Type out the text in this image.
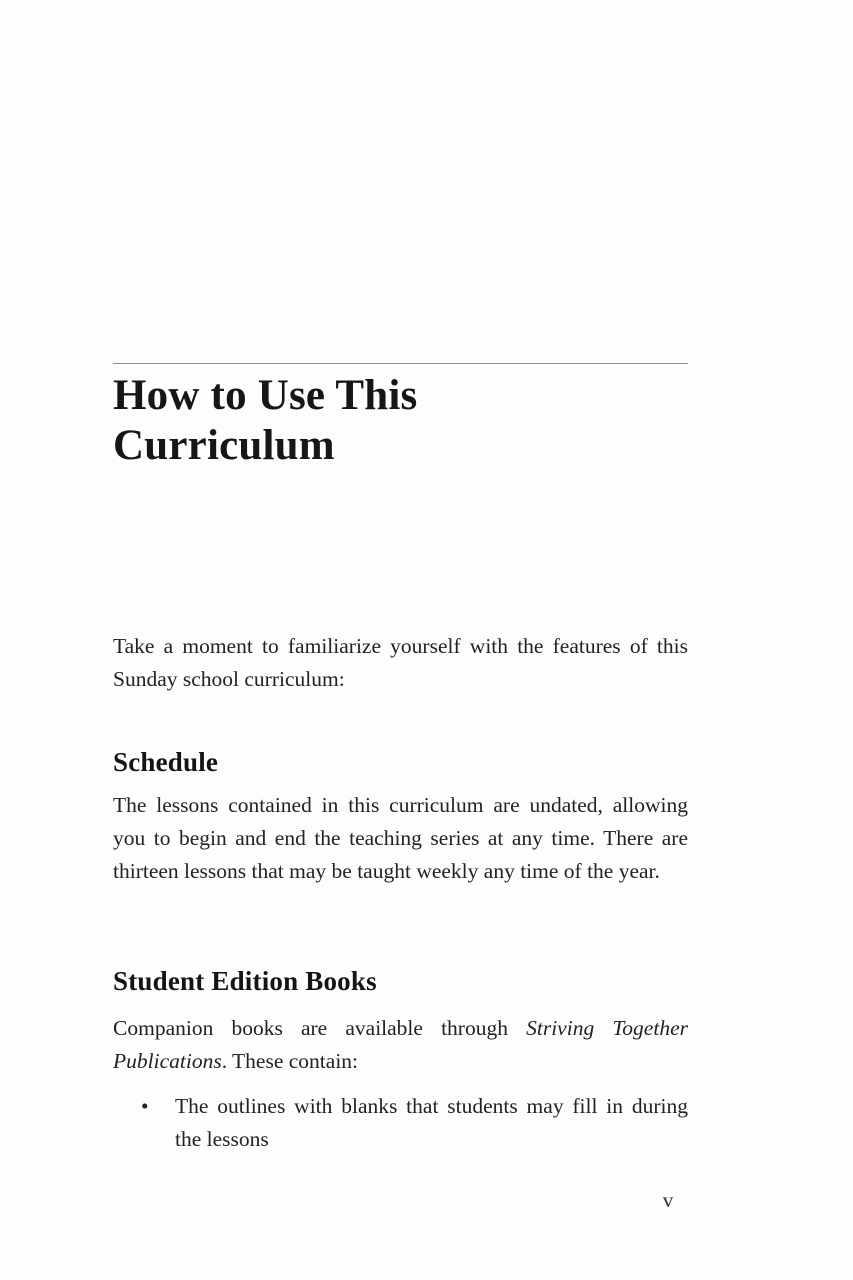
How to Use This
Curriculum

Take a moment to familiarize yourself with the features of this Sunday school curriculum:

Schedule

The lessons contained in this curriculum are undated, allowing you to begin and end the teaching series at any time. There are thirteen lessons that may be taught weekly any time of the year.

Student Edition Books

Companion books are available through Striving Together Publications. These contain:

•	The outlines with blanks that students may fill in during the lessons
v
